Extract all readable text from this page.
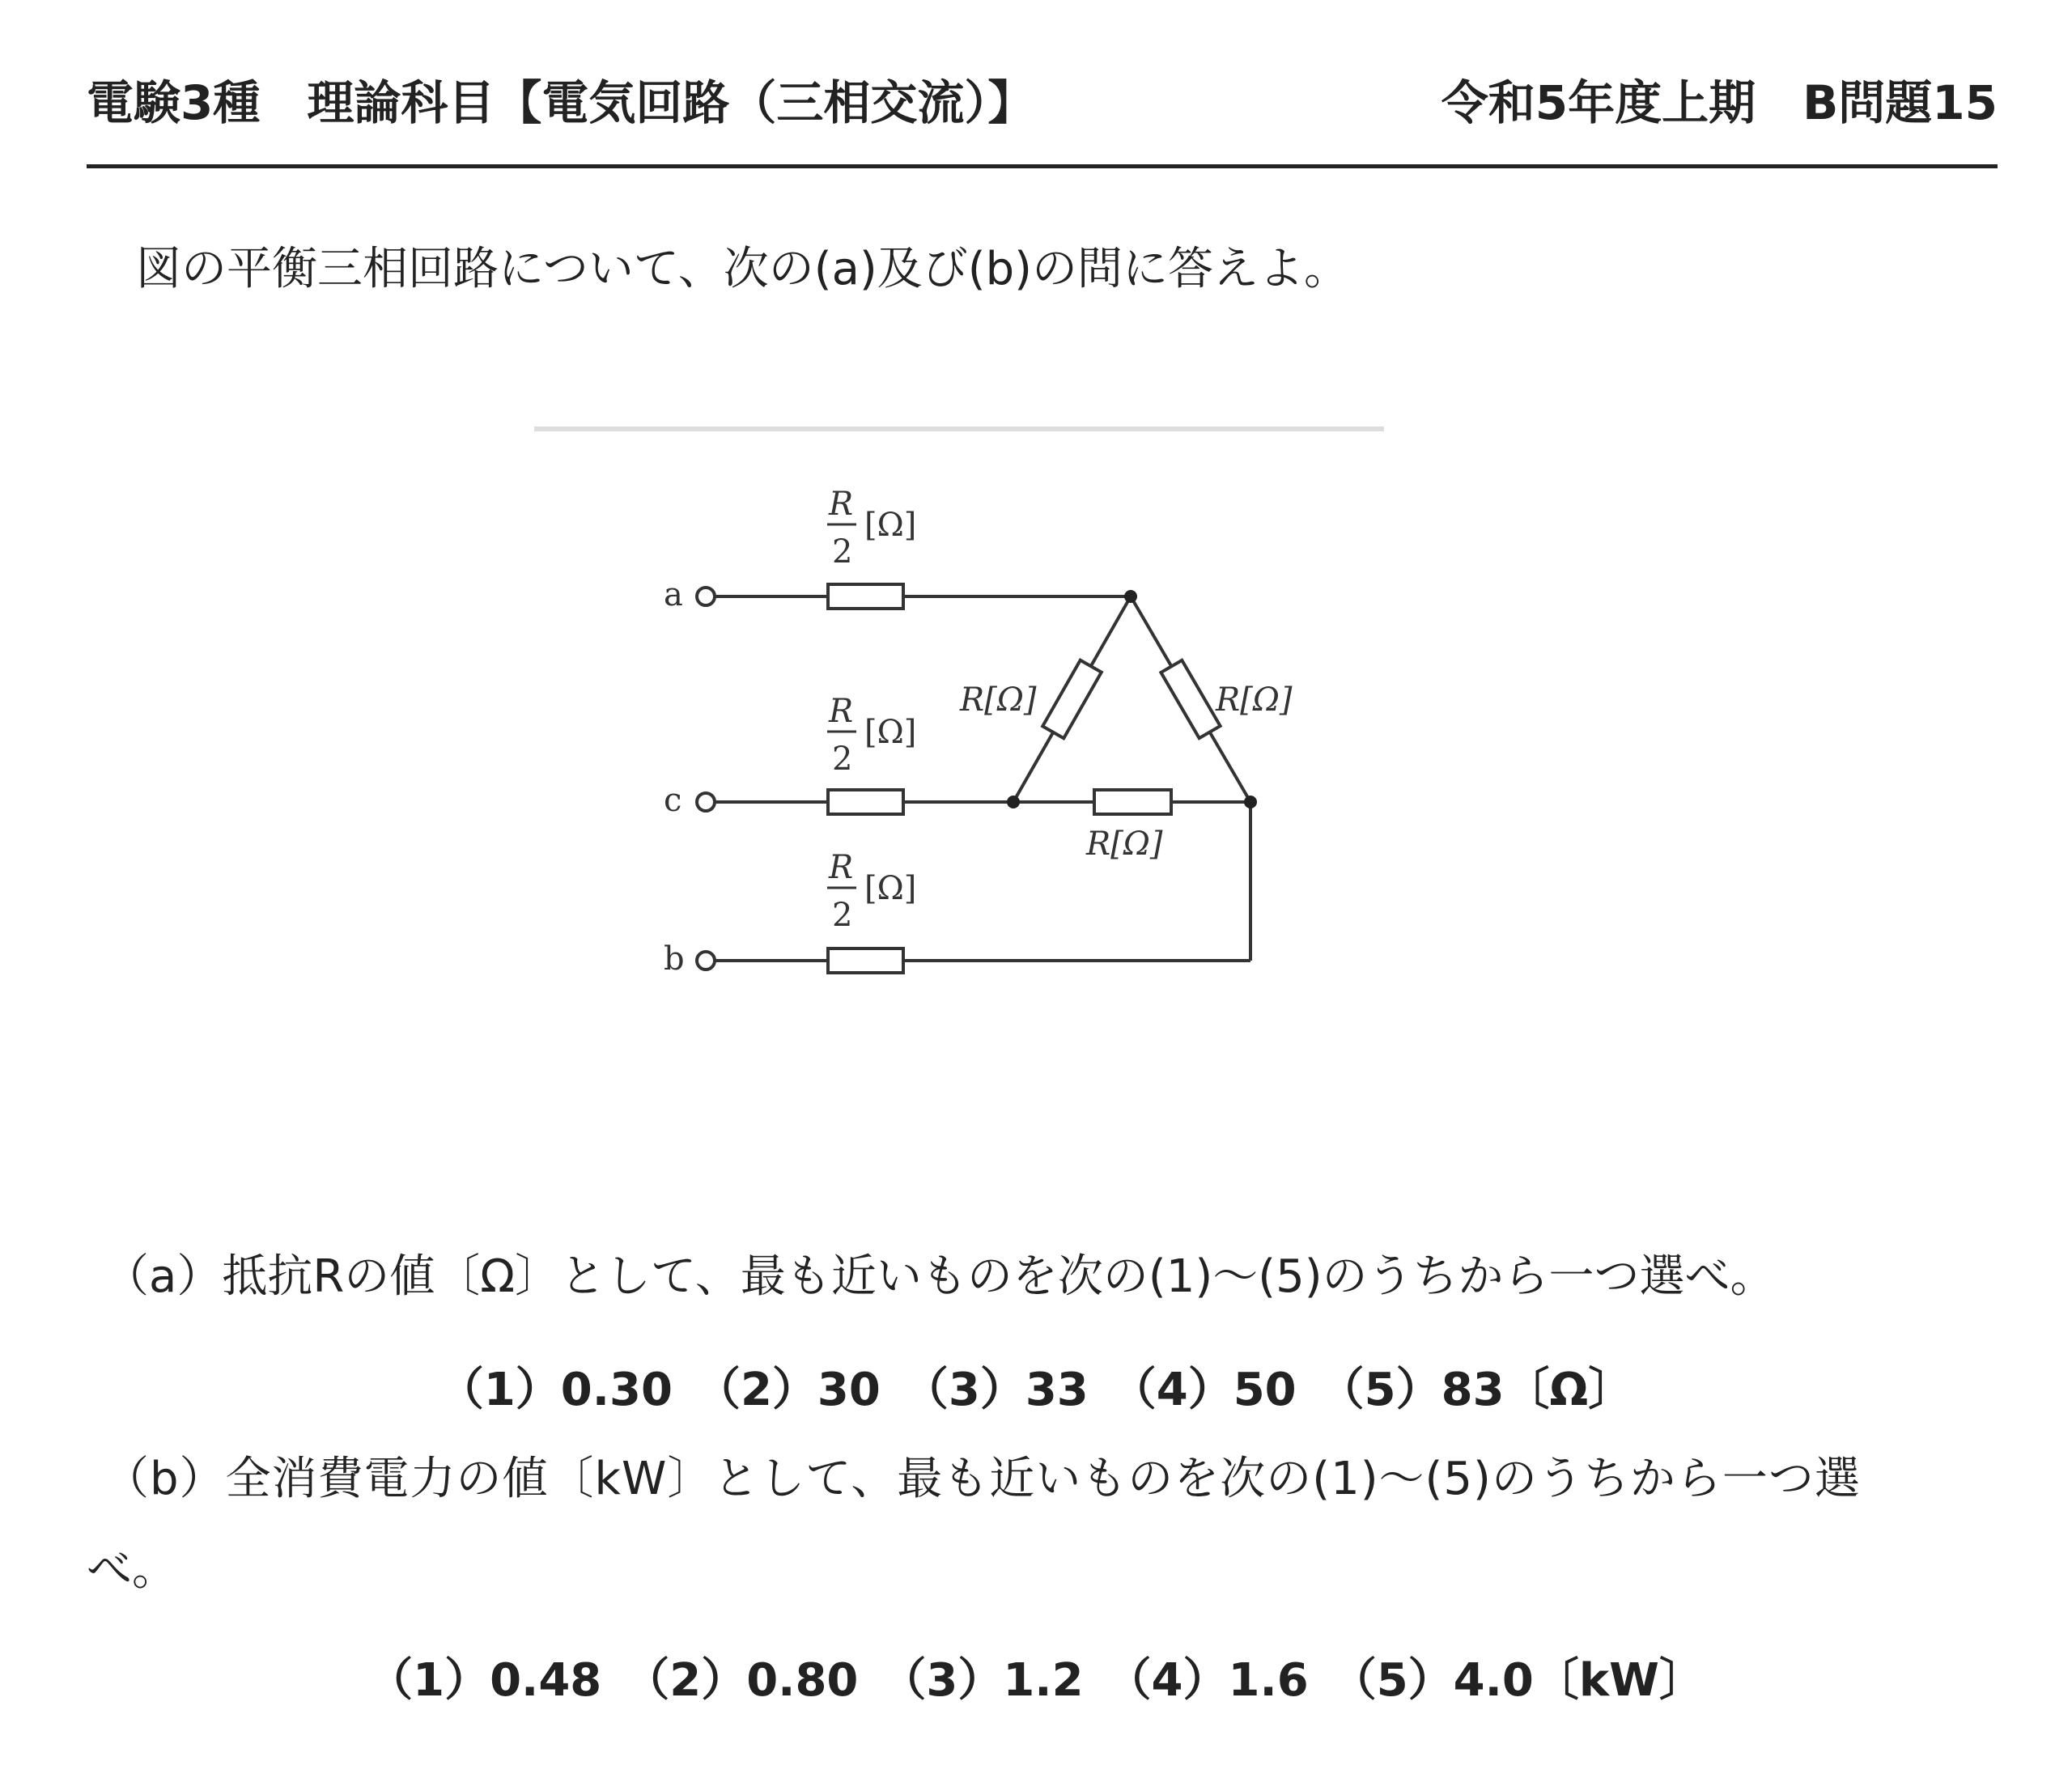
電験3種　理論科目【電気回路（三相交流）】	令和5年度上期　B問題15
図の平衡三相回路について、次の(a)及び(b)の問に答えよ。
a
c
b
R
2
[Ω]
R
2
[Ω]
R
2
[Ω]
R[Ω]	R[Ω]
R[Ω]
（a）抵抗Rの値〔Ω〕として、最も近いものを次の(1)～(5)のうちから一つ選べ。
（1）0.30　（2）30　（3）33　（4）50　（5）83〔Ω〕
（b）全消費電力の値〔kW〕として、最も近いものを次の(1)～(5)のうちから一つ選
べ。
（1）0.48　（2）0.80　（3）1.2　（4）1.6　（5）4.0〔kW〕
